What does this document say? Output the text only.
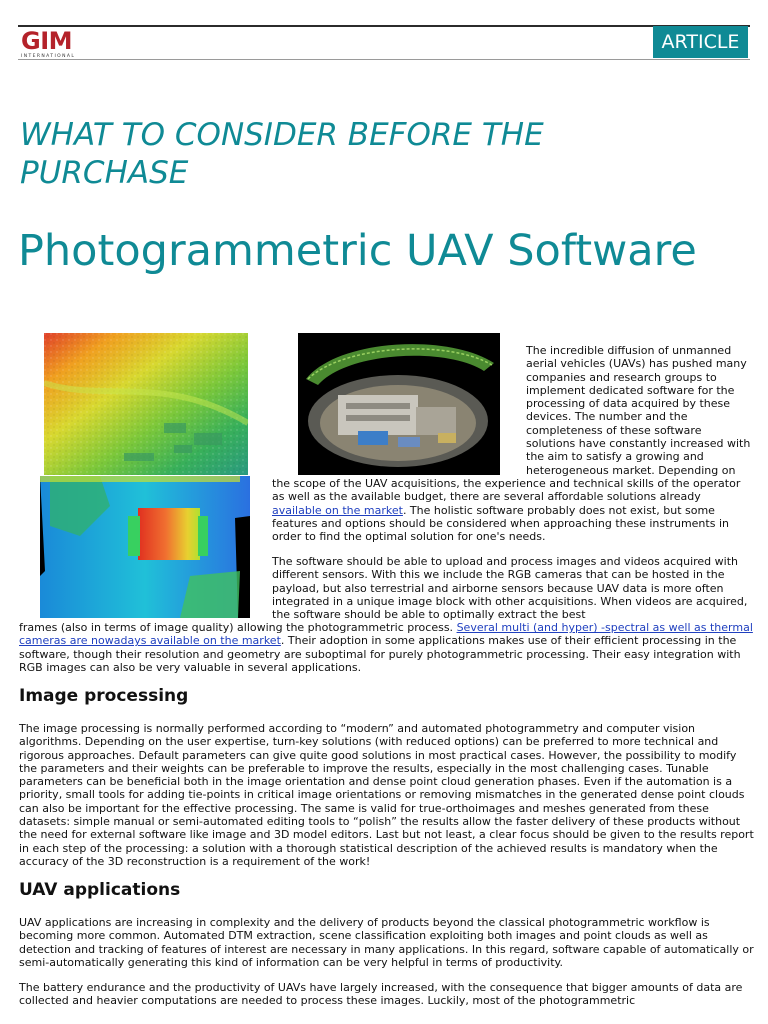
GIM
INTERNATIONAL
ARTICLE
WHAT TO CONSIDER BEFORE THE PURCHASE
Photogrammetric UAV Software
The incredible diffusion of unmanned aerial vehicles (UAVs) has pushed many companies and research groups to implement dedicated software for the processing of data acquired by these devices. The number and the completeness of these software solutions have constantly increased with the aim to satisfy a growing and heterogeneous market. Depending on
the scope of the UAV acquisitions, the experience and technical skills of the operator as well as the available budget, there are several affordable solutions already available on the market. The holistic software probably does not exist, but some features and options should be considered when approaching these instruments in order to find the optimal solution for one's needs.
The software should be able to upload and process images and videos acquired with different sensors. With this we include the RGB cameras that can be hosted in the payload, but also terrestrial and airborne sensors because UAV data is more often integrated in a unique image block with other acquisitions. When videos are acquired, the software should be able to optimally extract the best
frames (also in terms of image quality) allowing the photogrammetric process. Several multi (and hyper) -spectral as well as thermal cameras are nowadays available on the market. Their adoption in some applications makes use of their efficient processing in the software, though their resolution and geometry are suboptimal for purely photogrammetric processing. Their easy integration with RGB images can also be very valuable in several applications.
Image processing
The image processing is normally performed according to “modern” and automated photogrammetry and computer vision algorithms. Depending on the user expertise, turn-key solutions (with reduced options) can be preferred to more technical and rigorous approaches. Default parameters can give quite good solutions in most practical cases. However, the possibility to modify the parameters and their weights can be preferable to improve the results, especially in the most challenging cases. Tunable parameters can be beneficial both in the image orientation and dense point cloud generation phases. Even if the automation is a priority, small tools for adding tie-points in critical image orientations or removing mismatches in the generated dense point clouds can also be important for the effective processing. The same is valid for true-orthoimages and meshes generated from these datasets: simple manual or semi-automated editing tools to “polish” the results allow the faster delivery of these products without the need for external software like image and 3D model editors. Last but not least, a clear focus should be given to the results report in each step of the processing: a solution with a thorough statistical description of the achieved results is mandatory when the accuracy of the 3D reconstruction is a requirement of the work!
UAV applications
UAV applications are increasing in complexity and the delivery of products beyond the classical photogrammetric workflow is becoming more common. Automated DTM extraction, scene classification exploiting both images and point clouds as well as detection and tracking of features of interest are necessary in many applications. In this regard, software capable of automatically or semi-automatically generating this kind of information can be very helpful in terms of productivity.
The battery endurance and the productivity of UAVs have largely increased, with the consequence that bigger amounts of data are collected and heavier computations are needed to process these images. Luckily, most of the photogrammetric
